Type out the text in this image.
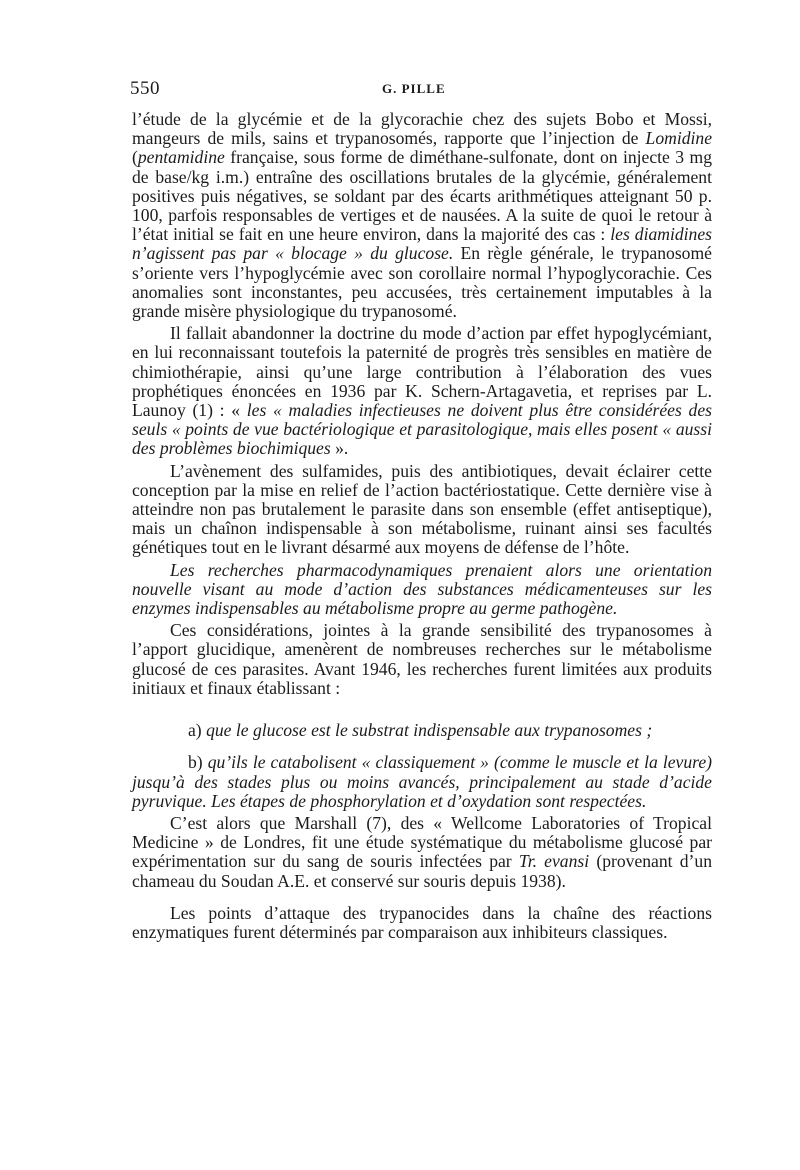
550	G. PILLE

l’étude de la glycémie et de la glycorachie chez des sujets Bobo et Mossi, mangeurs de mils, sains et trypanosomés, rapporte que l’injection de Lomidine (pentamidine française, sous forme de diméthane-sulfonate, dont on injecte 3 mg de base/kg i.m.) entraîne des oscillations brutales de la glycémie, généralement positives puis négatives, se soldant par des écarts arithmétiques atteignant 50 p. 100, parfois responsables de vertiges et de nausées. A la suite de quoi le retour à l’état initial se fait en une heure environ, dans la majorité des cas : les diamidines n’agissent pas par « blocage » du glucose. En règle générale, le trypanosomé s’oriente vers l’hypoglycémie avec son corollaire normal l’hypoglycorachie. Ces anomalies sont inconstantes, peu accusées, très certainement imputables à la grande misère physiologique du trypanosomé.

Il fallait abandonner la doctrine du mode d’action par effet hypoglycémiant, en lui reconnaissant toutefois la paternité de progrès très sensibles en matière de chimiothérapie, ainsi qu’une large contribution à l’élaboration des vues prophétiques énoncées en 1936 par K. Schern-Artagavetia, et reprises par L. Launoy (1) : « les « maladies infectieuses ne doivent plus être considérées des seuls « points de vue bactériologique et parasitologique, mais elles posent « aussi des problèmes biochimiques ».

L’avènement des sulfamides, puis des antibiotiques, devait éclairer cette conception par la mise en relief de l’action bactériostatique. Cette dernière vise à atteindre non pas brutalement le parasite dans son ensemble (effet antiseptique), mais un chaînon indispensable à son métabolisme, ruinant ainsi ses facultés génétiques tout en le livrant désarmé aux moyens de défense de l’hôte.

Les recherches pharmacodynamiques prenaient alors une orientation nouvelle visant au mode d’action des substances médicamenteuses sur les enzymes indispensables au métabolisme propre au germe pathogène.

Ces considérations, jointes à la grande sensibilité des trypanosomes à l’apport glucidique, amenèrent de nombreuses recherches sur le métabolisme glucosé de ces parasites. Avant 1946, les recherches furent limitées aux produits initiaux et finaux établissant :

a) que le glucose est le substrat indispensable aux trypanosomes ;

b) qu’ils le catabolisent « classiquement » (comme le muscle et la levure) jusqu’à des stades plus ou moins avancés, principalement au stade d’acide pyruvique. Les étapes de phosphorylation et d’oxydation sont respectées.

C’est alors que Marshall (7), des « Wellcome Laboratories of Tropical Medicine » de Londres, fit une étude systématique du métabolisme glucosé par expérimentation sur du sang de souris infectées par Tr. evansi (provenant d’un chameau du Soudan A.E. et conservé sur souris depuis 1938).

Les points d’attaque des trypanocides dans la chaîne des réactions enzymatiques furent déterminés par comparaison aux inhibiteurs classiques.
